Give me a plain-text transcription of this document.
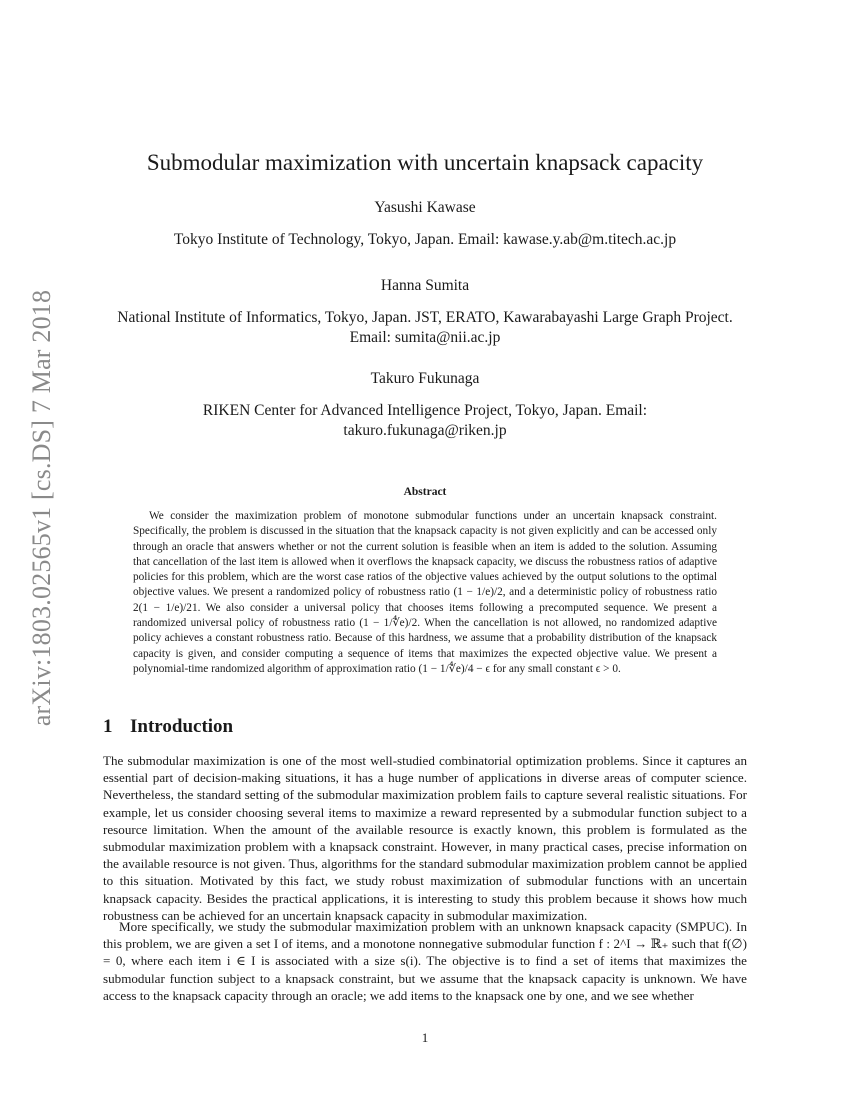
arXiv:1803.02565v1 [cs.DS] 7 Mar 2018
Submodular maximization with uncertain knapsack capacity
Yasushi Kawase
Tokyo Institute of Technology, Tokyo, Japan. Email: kawase.y.ab@m.titech.ac.jp
Hanna Sumita
National Institute of Informatics, Tokyo, Japan. JST, ERATO, Kawarabayashi Large Graph Project. Email: sumita@nii.ac.jp
Takuro Fukunaga
RIKEN Center for Advanced Intelligence Project, Tokyo, Japan. Email: takuro.fukunaga@riken.jp
Abstract

We consider the maximization problem of monotone submodular functions under an uncertain knapsack constraint. Specifically, the problem is discussed in the situation that the knapsack capacity is not given explicitly and can be accessed only through an oracle that answers whether or not the current solution is feasible when an item is added to the solution. Assuming that cancellation of the last item is allowed when it overflows the knapsack capacity, we discuss the robustness ratios of adaptive policies for this problem, which are the worst case ratios of the objective values achieved by the output solutions to the optimal objective values. We present a randomized policy of robustness ratio (1 − 1/e)/2, and a deterministic policy of robustness ratio 2(1 − 1/e)/21. We also consider a universal policy that chooses items following a precomputed sequence. We present a randomized universal policy of robustness ratio (1 − 1/∜e)/2. When the cancellation is not allowed, no randomized adaptive policy achieves a constant robustness ratio. Because of this hardness, we assume that a probability distribution of the knapsack capacity is given, and consider computing a sequence of items that maximizes the expected objective value. We present a polynomial-time randomized algorithm of approximation ratio (1 − 1/∜e)/4 − ϵ for any small constant ϵ > 0.

1 Introduction

The submodular maximization is one of the most well-studied combinatorial optimization problems. Since it captures an essential part of decision-making situations, it has a huge number of applications in diverse areas of computer science. Nevertheless, the standard setting of the submodular maximization problem fails to capture several realistic situations. For example, let us consider choosing several items to maximize a reward represented by a submodular function subject to a resource limitation. When the amount of the available resource is exactly known, this problem is formulated as the submodular maximization problem with a knapsack constraint. However, in many practical cases, precise information on the available resource is not given. Thus, algorithms for the standard submodular maximization problem cannot be applied to this situation. Motivated by this fact, we study robust maximization of submodular functions with an uncertain knapsack capacity. Besides the practical applications, it is interesting to study this problem because it shows how much robustness can be achieved for an uncertain knapsack capacity in submodular maximization.

More specifically, we study the submodular maximization problem with an unknown knapsack capacity (SMPUC). In this problem, we are given a set I of items, and a monotone nonnegative submodular function f : 2^I → ℝ₊ such that f(∅) = 0, where each item i ∈ I is associated with a size s(i). The objective is to find a set of items that maximizes the submodular function subject to a knapsack constraint, but we assume that the knapsack capacity is unknown. We have access to the knapsack capacity through an oracle; we add items to the knapsack one by one, and we see whether

1
